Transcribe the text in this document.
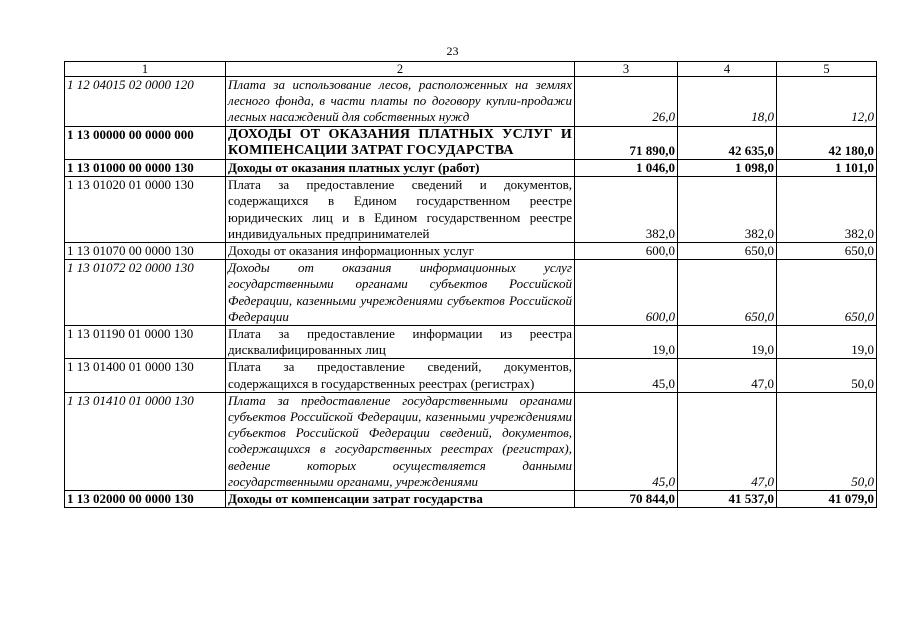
23
1	2	3	4	5
1 12 04015 02 0000 120	Плата за использование лесов, расположенных на землях лесного фонда, в части платы по договору купли-продажи лесных насаждений для собственных нужд	26,0	18,0	12,0
1 13 00000 00 0000 000	ДОХОДЫ ОТ ОКАЗАНИЯ ПЛАТНЫХ УСЛУГ И КОМПЕНСАЦИИ ЗАТРАТ ГОСУДАРСТВА	71 890,0	42 635,0	42 180,0
1 13 01000 00 0000 130	Доходы от оказания платных услуг (работ)	1 046,0	1 098,0	1 101,0
1 13 01020 01 0000 130	Плата за предоставление сведений и документов, содержащихся в Едином государственном реестре юридических лиц и в Едином государственном реестре индивидуальных предпринимателей	382,0	382,0	382,0
1 13 01070 00 0000 130	Доходы от оказания информационных услуг	600,0	650,0	650,0
1 13 01072 02 0000 130	Доходы от оказания информационных услуг государственными органами субъектов Российской Федерации, казенными учреждениями субъектов Российской Федерации	600,0	650,0	650,0
1 13 01190 01 0000 130	Плата за предоставление информации из реестра дисквалифицированных лиц	19,0	19,0	19,0
1 13 01400 01 0000 130	Плата за предоставление сведений, документов, содержащихся в государственных реестрах (регистрах)	45,0	47,0	50,0
1 13 01410 01 0000 130	Плата за предоставление государственными органами субъектов Российской Федерации, казенными учреждениями субъектов Российской Федерации сведений, документов, содержащихся в государственных реестрах (регистрах), ведение которых осуществляется данными государственными органами, учреждениями	45,0	47,0	50,0
1 13 02000 00 0000 130	Доходы от компенсации затрат государства	70 844,0	41 537,0	41 079,0
